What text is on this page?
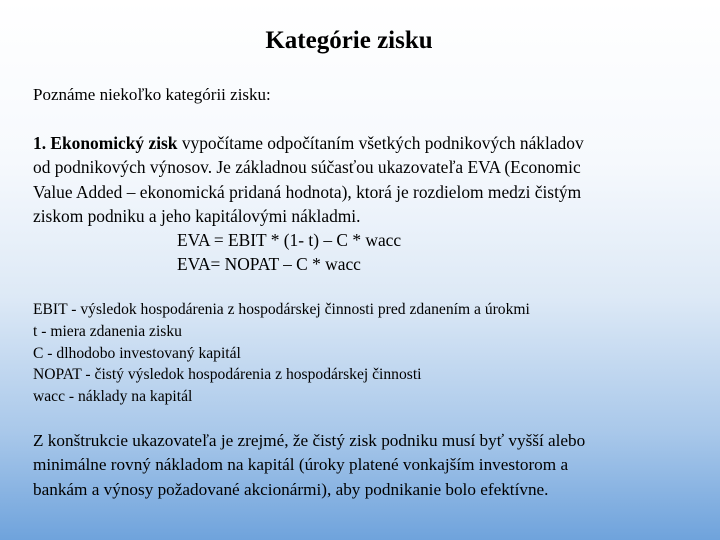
Kategórie zisku
Poznáme niekoľko kategórii zisku:
1. Ekonomický zisk vypočítame odpočítaním všetkých podnikových nákladov
od podnikových výnosov. Je základnou súčasťou ukazovateľa EVA (Economic
Value Added – ekonomická pridaná hodnota), ktorá je rozdielom medzi čistým
ziskom podniku a jeho kapitálovými nákladmi.
EVA = EBIT * (1- t) – C * wacc
EVA= NOPAT – C * wacc
EBIT - výsledok hospodárenia z hospodárskej činnosti pred zdanením a úrokmi
t - miera zdanenia zisku
C - dlhodobo investovaný kapitál
NOPAT - čistý výsledok hospodárenia z hospodárskej činnosti
wacc - náklady na kapitál
Z konštrukcie ukazovateľa je zrejmé, že čistý zisk podniku musí byť vyšší alebo
minimálne rovný nákladom na kapitál (úroky platené vonkajším investorom a
bankám a výnosy požadované akcionármi), aby podnikanie bolo efektívne.
